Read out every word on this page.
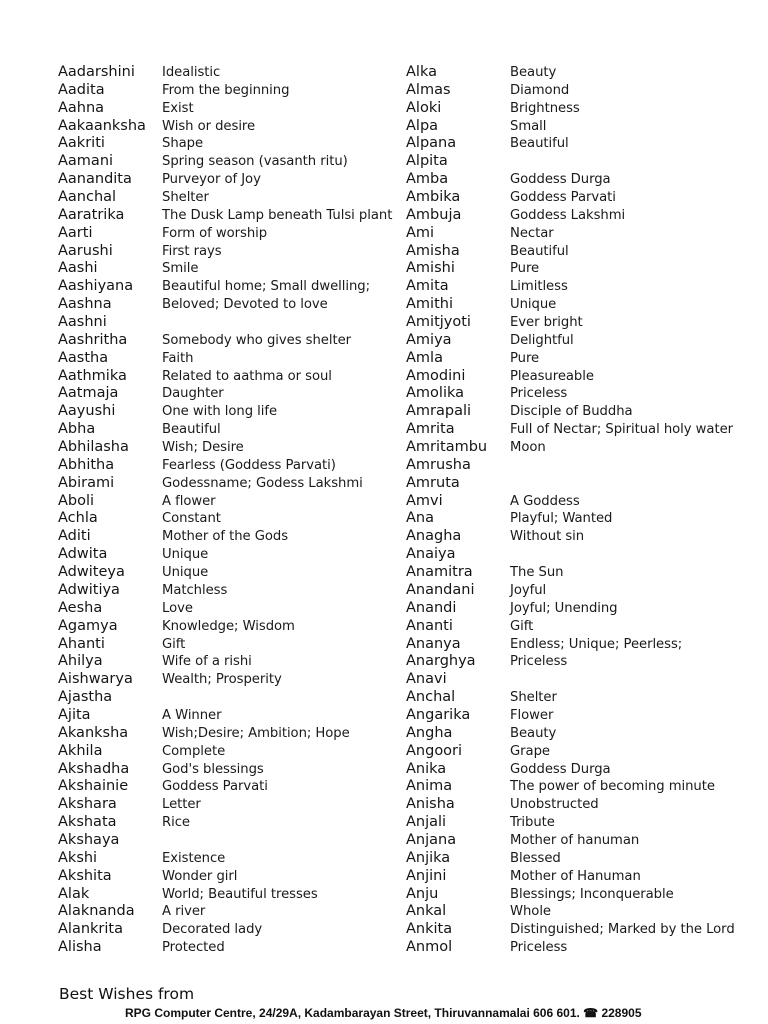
Aadarshini	Idealistic
Aadita	From the beginning
Aahna	Exist
Aakaanksha	Wish or desire
Aakriti	Shape
Aamani	Spring season (vasanth ritu)
Aanandita	Purveyor of Joy
Aanchal	Shelter
Aaratrika	The Dusk Lamp beneath Tulsi plant
Aarti	Form of worship
Aarushi	First rays
Aashi	Smile
Aashiyana	Beautiful home; Small dwelling;
Aashna	Beloved; Devoted to love
Aashni
Aashritha	Somebody who gives shelter
Aastha	Faith
Aathmika	Related to aathma or soul
Aatmaja	Daughter
Aayushi	One with long life
Abha	Beautiful
Abhilasha	Wish; Desire
Abhitha	Fearless (Goddess Parvati)
Abirami	Godessname; Godess Lakshmi
Aboli	A flower
Achla	Constant
Aditi	Mother of the Gods
Adwita	Unique
Adwiteya	Unique
Adwitiya	Matchless
Aesha	Love
Agamya	Knowledge; Wisdom
Ahanti	Gift
Ahilya	Wife of a rishi
Aishwarya	Wealth; Prosperity
Ajastha
Ajita	A Winner
Akanksha	Wish;Desire; Ambition; Hope
Akhila	Complete
Akshadha	God's blessings
Akshainie	Goddess Parvati
Akshara	Letter
Akshata	Rice
Akshaya
Akshi	Existence
Akshita	Wonder girl
Alak	World; Beautiful tresses
Alaknanda	A river
Alankrita	Decorated lady
Alisha	Protected
Alka	Beauty
Almas	Diamond
Aloki	Brightness
Alpa	Small
Alpana	Beautiful
Alpita
Amba	Goddess Durga
Ambika	Goddess Parvati
Ambuja	Goddess Lakshmi
Ami	Nectar
Amisha	Beautiful
Amishi	Pure
Amita	Limitless
Amithi	Unique
Amitjyoti	Ever bright
Amiya	Delightful
Amla	Pure
Amodini	Pleasureable
Amolika	Priceless
Amrapali	Disciple of Buddha
Amrita	Full of Nectar; Spiritual holy water
Amritambu	Moon
Amrusha
Amruta
Amvi	A Goddess
Ana	Playful; Wanted
Anagha	Without sin
Anaiya
Anamitra	The Sun
Anandani	Joyful
Anandi	Joyful; Unending
Ananti	Gift
Ananya	Endless; Unique; Peerless;
Anarghya	Priceless
Anavi
Anchal	Shelter
Angarika	Flower
Angha	Beauty
Angoori	Grape
Anika	Goddess Durga
Anima	The power of becoming minute
Anisha	Unobstructed
Anjali	Tribute
Anjana	Mother of hanuman
Anjika	Blessed
Anjini	Mother of Hanuman
Anju	Blessings; Inconquerable
Ankal	Whole
Ankita	Distinguished; Marked by the Lord
Anmol	Priceless
Best Wishes from
RPG Computer Centre, 24/29A, Kadambarayan Street, Thiruvannamalai 606 601. ☎ 228905
